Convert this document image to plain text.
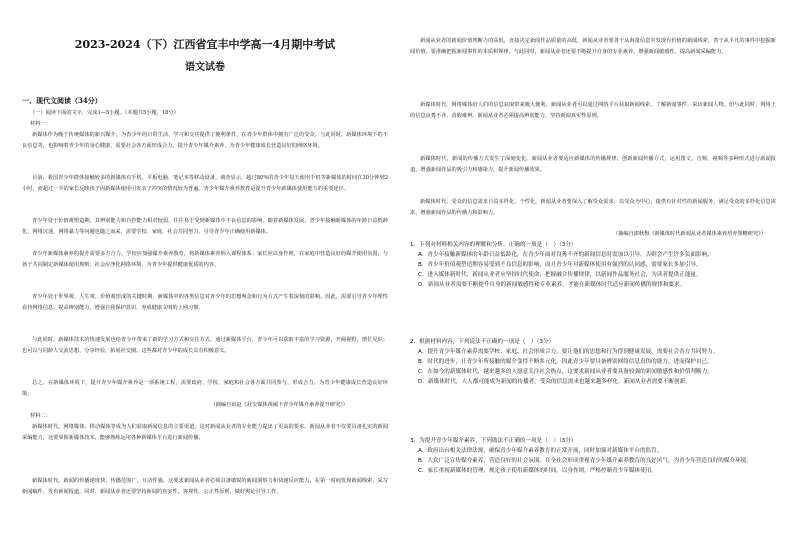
2023-2024（下）江西省宜丰中学高一4月期中考试
语文试卷
一、现代文阅读（34分）
（一）阅读下面的文字，完成1—5小题。（本题共5小题，18分）
材料一：
新媒体作为晚于传统媒体的新兴媒介，为青少年的日常生活、学习和交往提供了便利条件，在青少年群体中拥有广泛的受众。与此同时，新媒体环境下的不良信息等，也影响着青少年的身心健康，需要社会各方面形成合力，提升青少年媒介素养，为青少年健康成长营造良好的网络环境。
目前，我国青少年群体接触较多的新媒体有手机、平板电脑、笔记本等移动设备。调查显示，超过80%的青少年每天使用手机等新媒体的时间在30分钟到2小时，而超过一半的家长反映孩子因新媒体使用引发亲子冲突的情况较为普遍。青少年媒介素养教育是提升青少年新媒体使用能力的重要途径。
青少年处于价值观塑造期，其辨别能力和自控能力相对较弱，往往易于受到新媒体中不良信息的影响。随着新媒体发展，青少年接触新媒体的年龄日益低龄化，网络沉迷、网络暴力等问题也随之而来，需要学校、家庭、社会共同努力，引导青少年正确使用新媒体。
青少年新媒体素养的提升需要多方合力。学校应加强媒介素养教育，将新媒体素养纳入课程体系；家长应以身作则，在家庭中营造良好的媒介使用氛围，与孩子共同制定新媒体使用规则；社会应净化网络环境，为青少年提供健康优质的内容。
青少年处于世界观、人生观、价值观形成的关键时期，新媒体中的各类信息对青少年的思想观念和行为方式产生着深刻的影响。因此，需要引导青少年理性看待网络信息，提高辨别能力，增强自我保护意识，养成健康文明的上网习惯。
与此同时，新媒体技术的快速发展也给青少年带来了新的学习方式和交往方式。通过新媒体平台，青少年可以获取丰富的学习资源，开阔视野，增长见识；也可以与同龄人交流思想，分享经验，拓展社交圈。这些都对青少年的成长具有积极意义。
总之，在新媒体环境下，提升青少年媒介素养是一项系统工程，需要政府、学校、家庭和社会各方面共同参与，形成合力，为青少年健康成长营造良好环境。
（摘编自谊赵《社交媒体视阈下青少年媒介素养提升研究》）
材料二：
新媒体时代，网络媒体、移动媒体等成为人们获取新闻信息的主要渠道，这对新闻从业者的专业能力提出了更高的要求。新闻从业者不仅要具备扎实的新闻采编能力，还要掌握新媒体技术，能够熟练运用各种新媒体平台进行新闻传播。
新媒体时代，新闻的传播速度快、传播范围广、互动性强，这要求新闻从业者必须具备敏锐的新闻洞察力和快速反应能力，在第一时间发现新闻线索、采写新闻稿件、发布新闻报道。同时，新闻从业者还要坚持新闻的真实性、客观性、公正性原则，做好舆论引导工作。
新闻从业者的新闻价值判断力的高低，直接决定新闻作品质量的高低。新闻从业者要善于从海量信息中发现有价值的新闻线索，善于从平凡的事件中挖掘新闻价值，要准确把握新闻事件的本质和规律。与此同时，新闻从业者还要不断提升自身的专业素养，增强新闻敏感性，提高新闻采编能力。
新媒体时代，网络媒体给人们的信息获取带来极大便利，新闻从业者可以通过网络平台获取新闻线索、了解新闻事件、采访新闻人物。但与此同时，网络上的信息良莠不齐、真假难辨，新闻从业者必须提高辨别能力，坚持新闻真实性原则。
新媒体时代，新闻的传播方式发生了深刻变化。新闻从业者要适应新媒体的传播规律，创新新闻传播方式，运用图文、音频、视频等多种形式进行新闻报道，增强新闻作品的吸引力和感染力，提升新闻传播效果。
新媒体时代，受众的信息需求日益多样化、个性化，新闻从业者要深入了解受众需求，以受众为中心，提供有针对性的新闻服务，满足受众的多样化信息需求，增强新闻作品的传播力和影响力。
（摘编自郎秋梅《新媒体时代新闻从业者媒体素养培养策略研究》）
1．下列对材料相关内容的理解和分析，正确的一项是（　）（3分）
A．青少年接触新媒体的年龄日益低龄化，在青少年面对良莠不齐的新闻信息时需加以引导，否则会产生许多负面影响。
B．青少年价值观塑造期容易受到不良信息的影响，而且青少年对新媒体使用有强烈的认同感，需要家长多加引导。
C．进入媒体新时代，新闻从业者应坚持时代使命，把握融合传播规律，以新闻作品服务社会，为读者提供正能量。
D．新闻从业者需要不断提升自身的新闻敏感性和专业素养，才能在新媒体时代适应新闻传播的规律和要求。
2．根据材料内容，下列说法不正确的一项是（　）（3分）
A．提升青少年媒介素养需要学校、家庭、社会形成合力，要让他们的思想和行为得到健康发展，需要社会各方共同努力。
B．时代的进步，让青少年所接触的媒介变得不断多元化，因此青少年要具备辨别网络信息真伪的能力，进而保护自己。
C．在如今的新媒体时代，越来越多的人愿意关注社会热点，这要求新闻从业者要具备较强的新闻敏感性和价值判断力。
D．新媒体时代，人人都可能成为新闻的传播者，受众的信息需求也越来越多样化，新闻从业者需要不断创新。
3．为提升青少年媒介素养，下列做法不正确的一项是（　）（3分）
A．政府出台相关法律法规，确保青少年媒介素养教育的正常开展，同时加强对新媒体平台的监管。
B．大众广泛宣传媒介素养，营造良好的社会氛围，在全社会形成重视青少年媒介素养教育的良好风气，为青少年营造良好的媒介环境。
C．家长重视新媒体的管理，规定孩子使用新媒体的时间，以身作则，严格控制青少年媒体使用。
